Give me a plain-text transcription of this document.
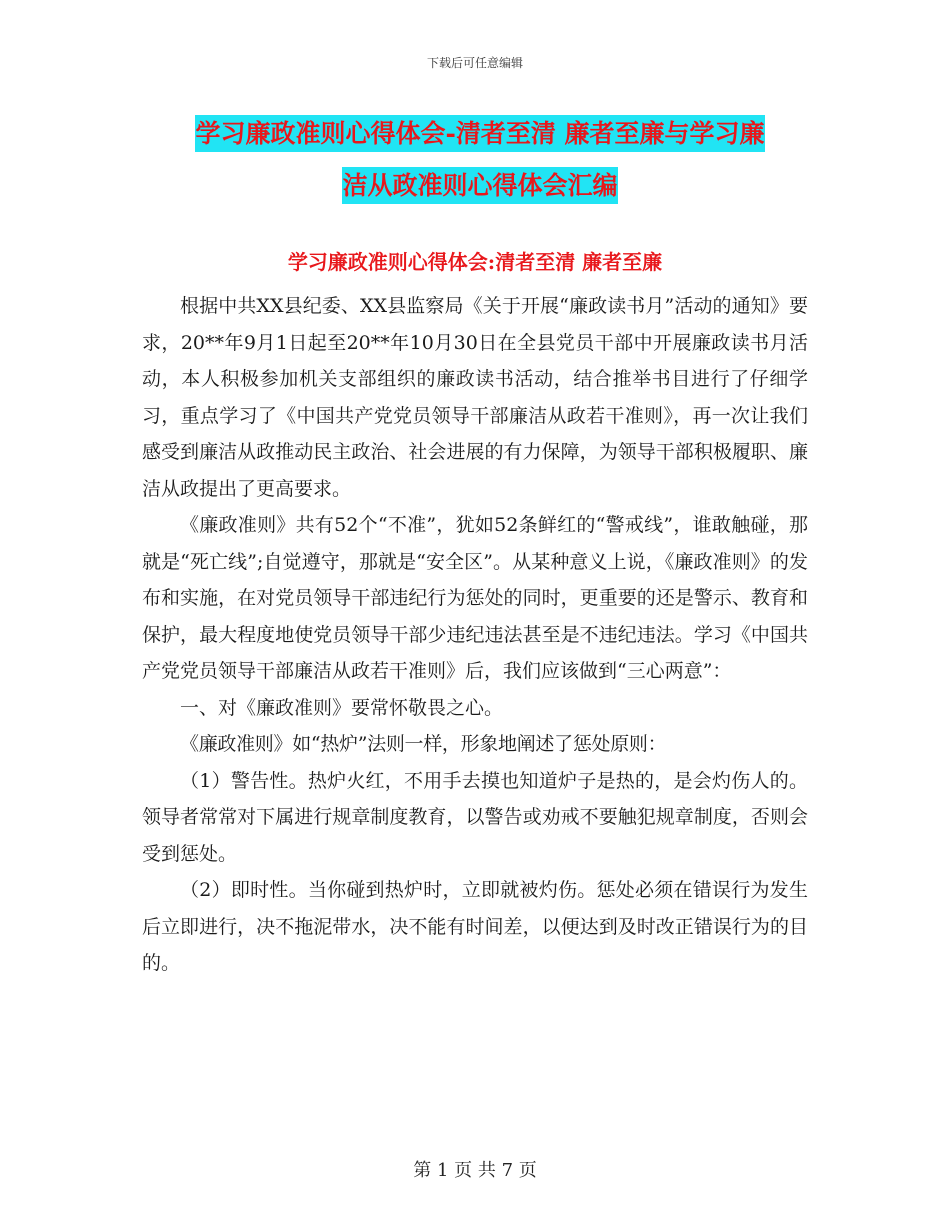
下载后可任意编辑
学习廉政准则心得体会-清者至清 廉者至廉与学习廉
洁从政准则心得体会汇编
学习廉政准则心得体会:清者至清 廉者至廉

根据中共XX县纪委、XX县监察局《关于开展“廉政读书月”活动的通知》要求，20**年9月1日起至20**年10月30日在全县党员干部中开展廉政读书月活动，本人积极参加机关支部组织的廉政读书活动，结合推举书目进行了仔细学习，重点学习了《中国共产党党员领导干部廉洁从政若干准则》，再一次让我们感受到廉洁从政推动民主政治、社会进展的有力保障，为领导干部积极履职、廉洁从政提出了更高要求。

《廉政准则》共有52个“不准”，犹如52条鲜红的“警戒线”，谁敢触碰，那就是“死亡线”;自觉遵守，那就是“安全区”。从某种意义上说，《廉政准则》的发布和实施，在对党员领导干部违纪行为惩处的同时，更重要的还是警示、教育和保护，最大程度地使党员领导干部少违纪违法甚至是不违纪违法。学习《中国共产党党员领导干部廉洁从政若干准则》后，我们应该做到“三心两意”：

一、对《廉政准则》要常怀敬畏之心。

《廉政准则》如“热炉”法则一样，形象地阐述了惩处原则：

（1）警告性。热炉火红，不用手去摸也知道炉子是热的，是会灼伤人的。领导者常常对下属进行规章制度教育，以警告或劝戒不要触犯规章制度，否则会受到惩处。

（2）即时性。当你碰到热炉时，立即就被灼伤。惩处必须在错误行为发生后立即进行，决不拖泥带水，决不能有时间差，以便达到及时改正错误行为的目的。

第 1 页 共 7 页
